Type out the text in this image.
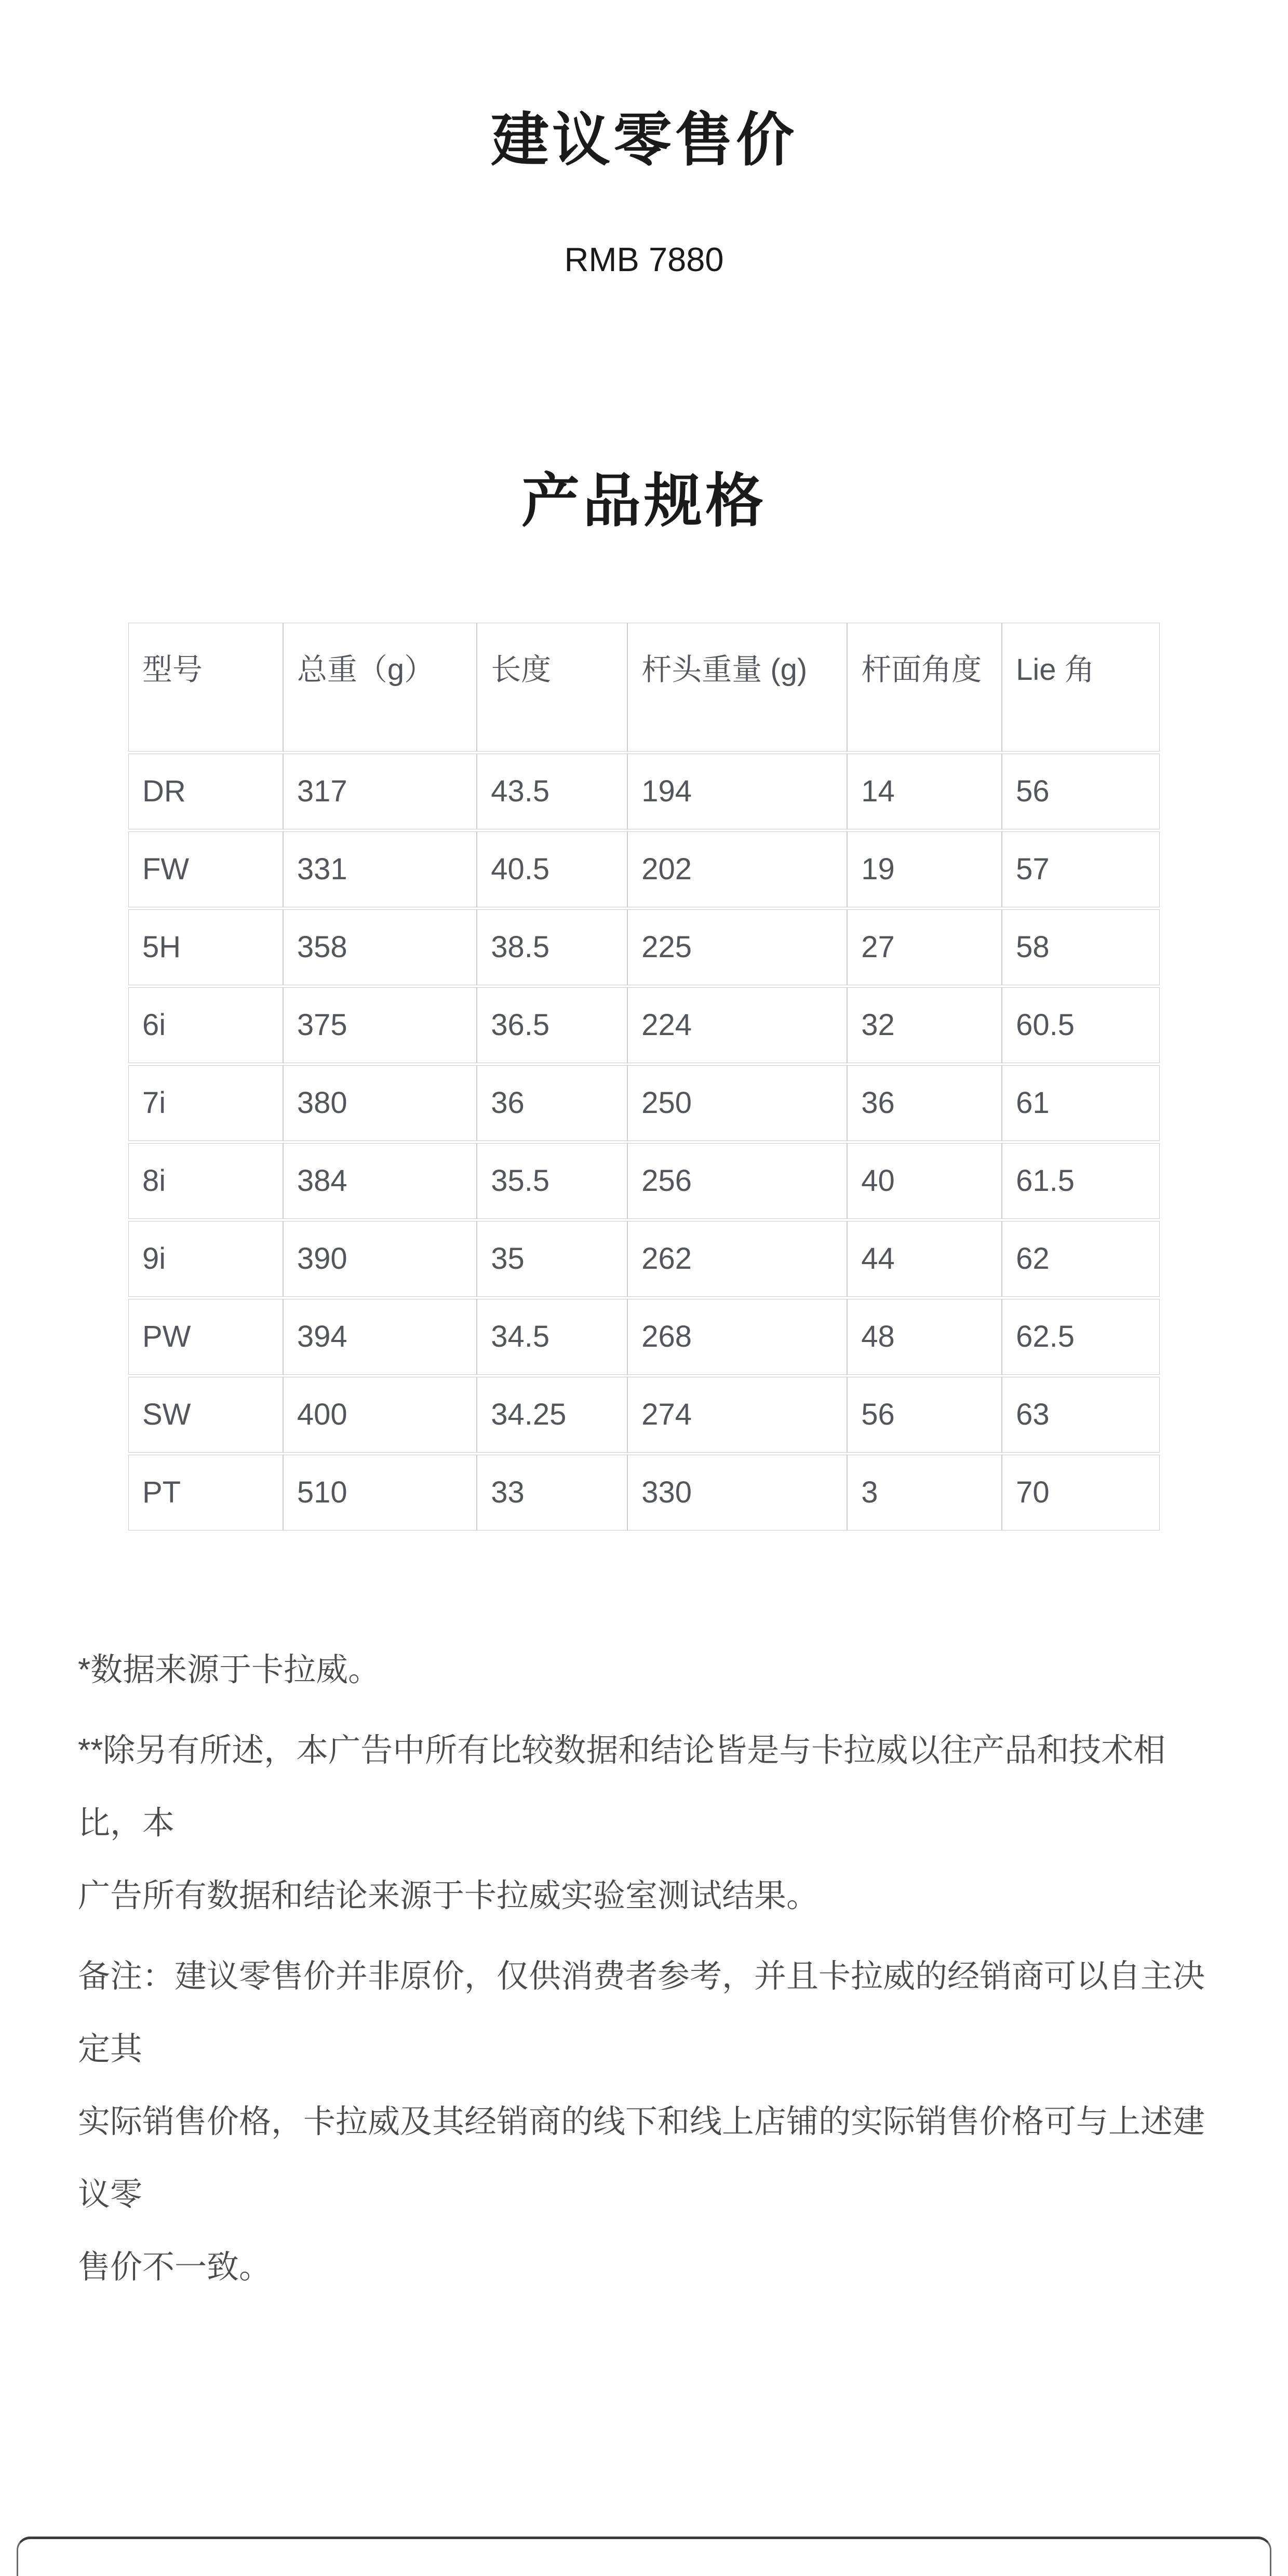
建议零售价
RMB 7880
产品规格
型号	总重（g）	长度	杆头重量 (g)	杆面角度	Lie 角
DR	317	43.5	194	14	56
FW	331	40.5	202	19	57
5H	358	38.5	225	27	58
6i	375	36.5	224	32	60.5
7i	380	36	250	36	61
8i	384	35.5	256	40	61.5
9i	390	35	262	44	62
PW	394	34.5	268	48	62.5
SW	400	34.25	274	56	63
PT	510	33	330	3	70

*数据来源于卡拉威。

**除另有所述，本广告中所有比较数据和结论皆是与卡拉威以往产品和技术相比，本
广告所有数据和结论来源于卡拉威实验室测试结果。

备注：建议零售价并非原价，仅供消费者参考，并且卡拉威的经销商可以自主决定其
实际销售价格，卡拉威及其经销商的线下和线上店铺的实际销售价格可与上述建议零
售价不一致。
